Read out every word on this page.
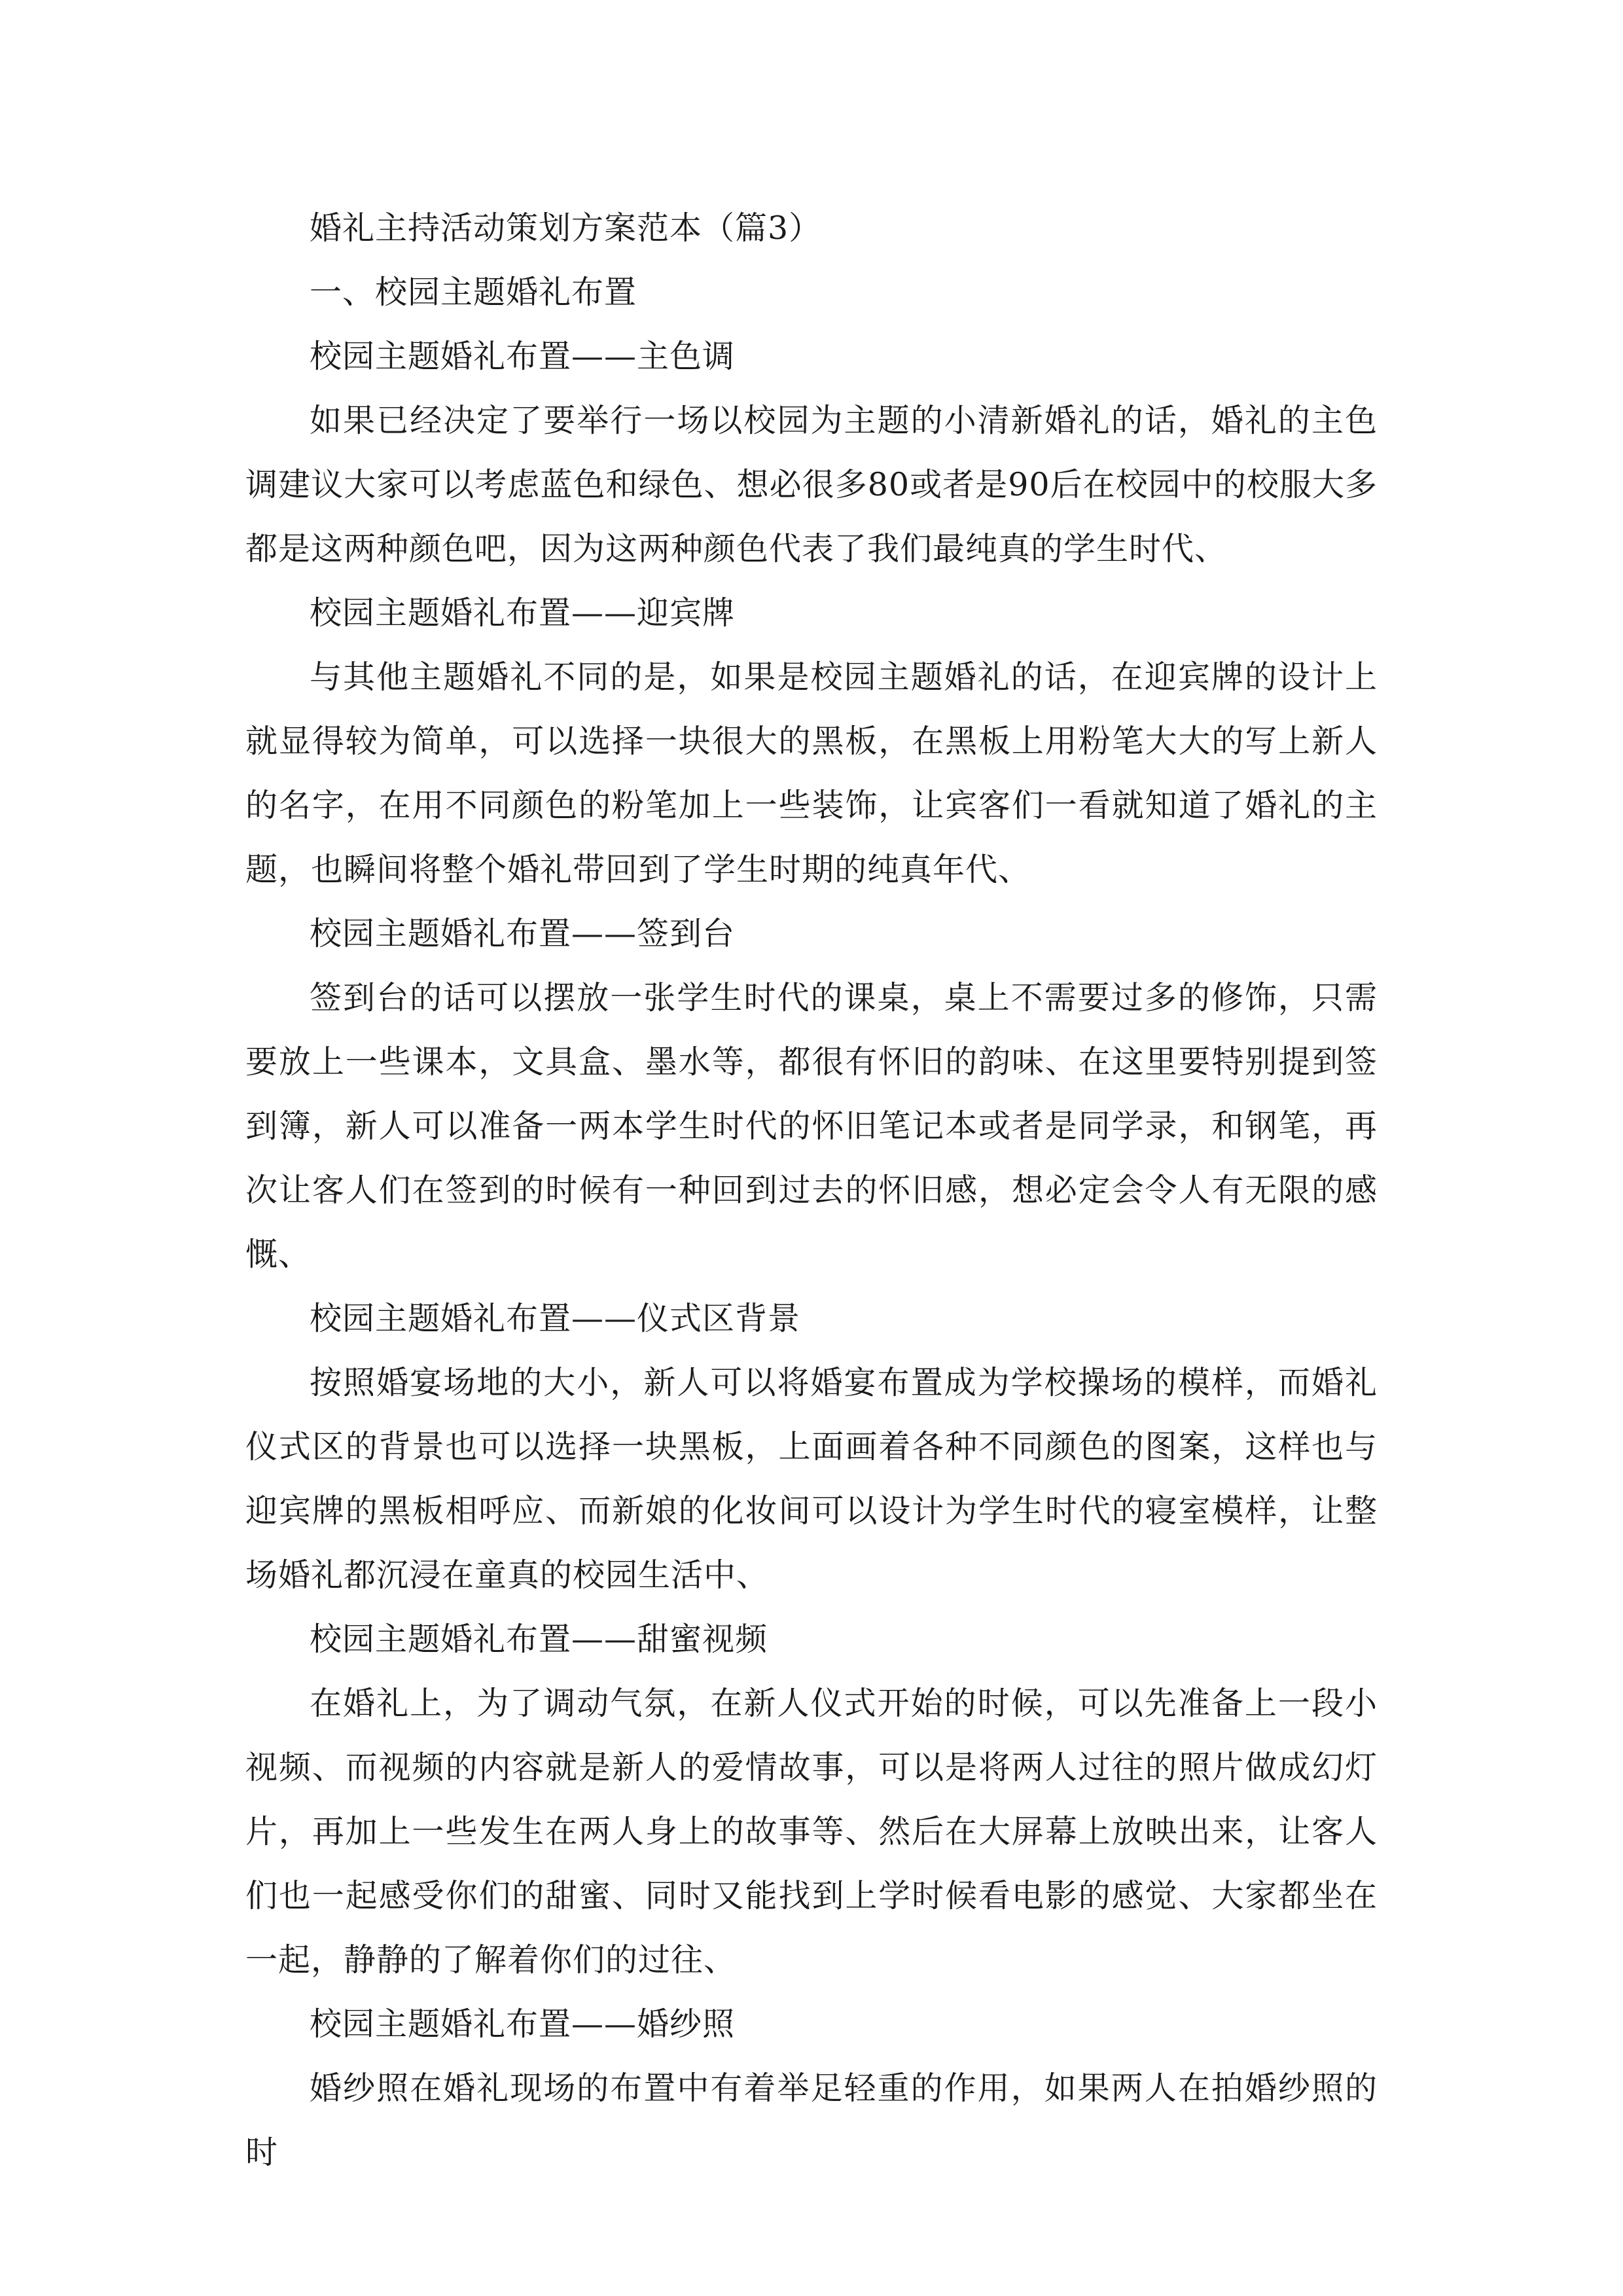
婚礼主持活动策划方案范本（篇3）

一、校园主题婚礼布置

校园主题婚礼布置——主色调

如果已经决定了要举行一场以校园为主题的小清新婚礼的话，婚礼的主色调建议大家可以考虑蓝色和绿色、想必很多80或者是90后在校园中的校服大多都是这两种颜色吧，因为这两种颜色代表了我们最纯真的学生时代、

校园主题婚礼布置——迎宾牌

与其他主题婚礼不同的是，如果是校园主题婚礼的话，在迎宾牌的设计上就显得较为简单，可以选择一块很大的黑板，在黑板上用粉笔大大的写上新人的名字，在用不同颜色的粉笔加上一些装饰，让宾客们一看就知道了婚礼的主题，也瞬间将整个婚礼带回到了学生时期的纯真年代、

校园主题婚礼布置——签到台

签到台的话可以摆放一张学生时代的课桌，桌上不需要过多的修饰，只需要放上一些课本，文具盒、墨水等，都很有怀旧的韵味、在这里要特别提到签到簿，新人可以准备一两本学生时代的怀旧笔记本或者是同学录，和钢笔，再次让客人们在签到的时候有一种回到过去的怀旧感，想必定会令人有无限的感慨、

校园主题婚礼布置——仪式区背景

按照婚宴场地的大小，新人可以将婚宴布置成为学校操场的模样，而婚礼仪式区的背景也可以选择一块黑板，上面画着各种不同颜色的图案，这样也与迎宾牌的黑板相呼应、而新娘的化妆间可以设计为学生时代的寝室模样，让整场婚礼都沉浸在童真的校园生活中、

校园主题婚礼布置——甜蜜视频

在婚礼上，为了调动气氛，在新人仪式开始的时候，可以先准备上一段小视频、而视频的内容就是新人的爱情故事，可以是将两人过往的照片做成幻灯片，再加上一些发生在两人身上的故事等、然后在大屏幕上放映出来，让客人们也一起感受你们的甜蜜、同时又能找到上学时候看电影的感觉、大家都坐在一起，静静的了解着你们的过往、

校园主题婚礼布置——婚纱照

婚纱照在婚礼现场的布置中有着举足轻重的作用，如果两人在拍婚纱照的时
